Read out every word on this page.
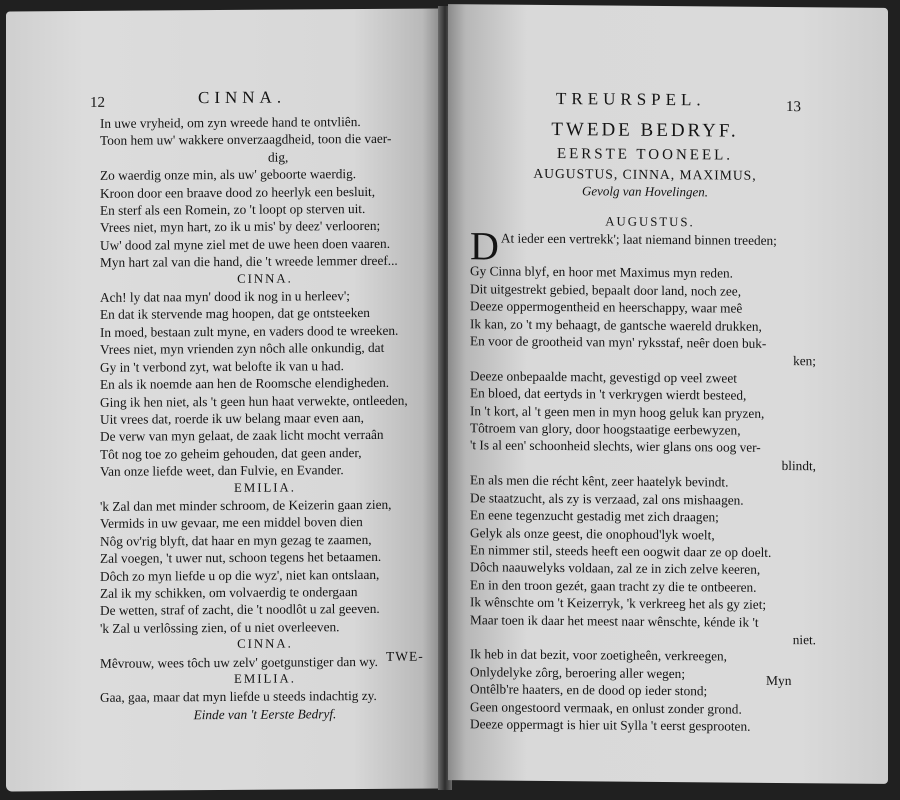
12	CINNA.
In uwe vryheid, om zyn wreede hand te ontvliên.
Toon hem uw' wakkere onverzaagdheid, toon die vaer-
dig,
Zo waerdig onze min, als uw' geboorte waerdig.
Kroon door een braave dood zo heerlyk een besluit,
En sterf als een Romein, zo 't loopt op sterven uit.
Vrees niet, myn hart, zo ik u mis' by deez' verlooren;
Uw' dood zal myne ziel met de uwe heen doen vaaren.
Myn hart zal van die hand, die 't wreede lemmer dreef...
CINNA.
Ach! ly dat naa myn' dood ik nog in u herleev';
En dat ik stervende mag hoopen, dat ge ontsteeken
In moed, bestaan zult myne, en vaders dood te wreeken.
Vrees niet, myn vrienden zyn nôch alle onkundig, dat
Gy in 't verbond zyt, wat belofte ik van u had.
En als ik noemde aan hen de Roomsche elendigheden.
Ging ik hen niet, als 't geen hun haat verwekte, ontleeden,
Uit vrees dat, roerde ik uw belang maar even aan,
De verw van myn gelaat, de zaak licht mocht verraân
Tôt nog toe zo geheim gehouden, dat geen ander,
Van onze liefde weet, dan Fulvie, en Evander.
EMILIA.
'k Zal dan met minder schroom, de Keizerin gaan zien,
Vermids in uw gevaar, me een middel boven dien
Nôg ov'rig blyft, dat haar en myn gezag te zaamen,
Zal voegen, 't uwer nut, schoon tegens het betaamen.
Dôch zo myn liefde u op die wyz', niet kan ontslaan,
Zal ik my schikken, om volvaerdig te ondergaan
De wetten, straf of zacht, die 't noodlôt u zal geeven.
'k Zal u verlôssing zien, of u niet overleeven.
CINNA.
Mêvrouw, wees tôch uw zelv' goetgunstiger dan wy.
EMILIA.
Gaa, gaa, maar dat myn liefde u steeds indachtig zy.
Einde van 't Eerste Bedryf.
TWE-
TREURSPEL.	13
TWEDE BEDRYF.
EERSTE TOONEEL.
AUGUSTUS, CINNA, MAXIMUS,
Gevolg van Hovelingen.
AUGUSTUS.
D At ieder een vertrekk'; laat niemand binnen treeden;
Gy Cinna blyf, en hoor met Maximus myn reden.
Dit uitgestrekt gebied, bepaalt door land, noch zee,
Deeze oppermogentheid en heerschappy, waar meê
Ik kan, zo 't my behaagt, de gantsche waereld drukken,
En voor de grootheid van myn' ryksstaf, neêr doen buk-
ken;
Deeze onbepaalde macht, gevestigd op veel zweet
En bloed, dat eertyds in 't verkrygen wierdt besteed,
In 't kort, al 't geen men in myn hoog geluk kan pryzen,
Tôtroem van glory, door hoogstaatige eerbewyzen,
't Is al een' schoonheid slechts, wier glans ons oog ver-
blindt,
En als men die récht kênt, zeer haatelyk bevindt.
De staatzucht, als zy is verzaad, zal ons mishaagen.
En eene tegenzucht gestadig met zich draagen;
Gelyk als onze geest, die onophoud'lyk woelt,
En nimmer stil, steeds heeft een oogwit daar ze op doelt.
Dôch naauwelyks voldaan, zal ze in zich zelve keeren,
En in den troon gezét, gaan tracht zy die te ontbeeren.
Ik wênschte om 't Keizerryk, 'k verkreeg het als gy ziet;
Maar toen ik daar het meest naar wênschte, kénde ik 't
niet.
Ik heb in dat bezit, voor zoetigheên, verkreegen,
Onlydelyke zôrg, beroering aller wegen;
Ontêlb're haaters, en de dood op ieder stond;
Geen ongestoord vermaak, en onlust zonder grond.
Deeze oppermagt is hier uit Sylla 't eerst gesprooten.
Myn
